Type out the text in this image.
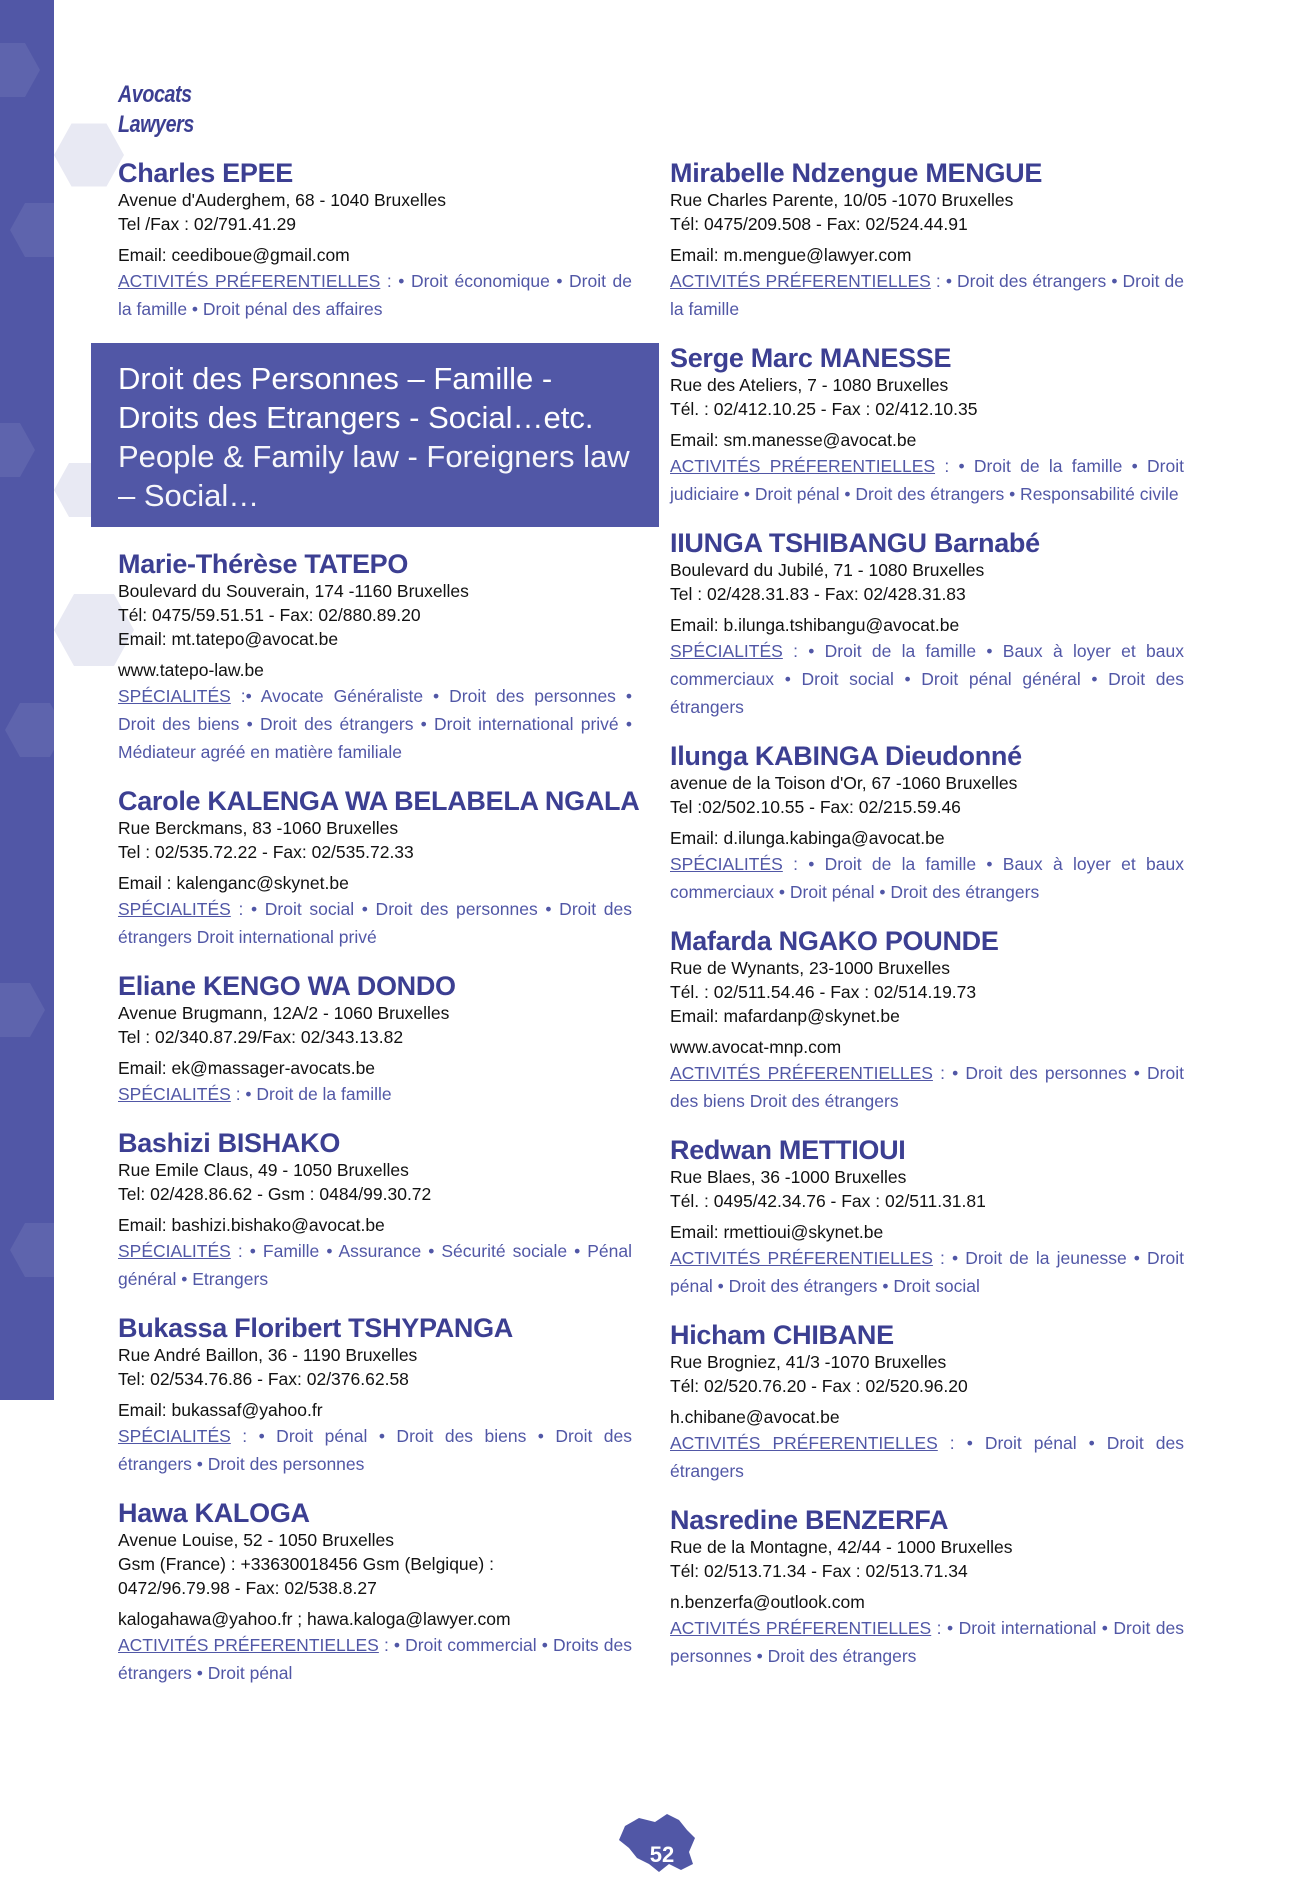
Avocats
Lawyers
Charles EPEE
Avenue d'Auderghem, 68 - 1040 Bruxelles
Tel /Fax : 02/791.41.29
Email: ceediboue@gmail.com
ACTIVITÉS PRÉFERENTIELLES : • Droit économique • Droit de la famille • Droit pénal des affaires
Droit des Personnes – Famille - Droits des Etrangers - Social…etc.
People & Family law - Foreigners law – Social…
Marie-Thérèse TATEPO
Boulevard du Souverain, 174 -1160 Bruxelles
Tél: 0475/59.51.51 - Fax: 02/880.89.20
Email: mt.tatepo@avocat.be
www.tatepo-law.be
SPÉCIALITÉS :• Avocate Généraliste • Droit des personnes • Droit des biens • Droit des étrangers • Droit international privé • Médiateur agréé en matière familiale
Carole KALENGA WA BELABELA NGALA
Rue Berckmans, 83 -1060 Bruxelles
Tel : 02/535.72.22 - Fax: 02/535.72.33
Email : kalenganc@skynet.be
SPÉCIALITÉS : • Droit social • Droit des personnes • Droit des étrangers Droit international privé
Eliane KENGO WA DONDO
Avenue Brugmann, 12A/2 - 1060 Bruxelles
Tel : 02/340.87.29/Fax: 02/343.13.82
Email: ek@massager-avocats.be
SPÉCIALITÉS : • Droit de la famille
Bashizi BISHAKO
Rue Emile Claus, 49 - 1050 Bruxelles
Tel: 02/428.86.62 - Gsm : 0484/99.30.72
Email: bashizi.bishako@avocat.be
SPÉCIALITÉS : • Famille • Assurance • Sécurité sociale • Pénal général • Etrangers
Bukassa Floribert TSHYPANGA
Rue André Baillon, 36 - 1190 Bruxelles
Tel: 02/534.76.86 - Fax: 02/376.62.58
Email: bukassaf@yahoo.fr
SPÉCIALITÉS : • Droit pénal • Droit des biens • Droit des étrangers • Droit des personnes
Hawa KALOGA
Avenue Louise, 52 - 1050 Bruxelles
Gsm (France) : +33630018456 Gsm (Belgique) :
0472/96.79.98 - Fax: 02/538.8.27
kalogahawa@yahoo.fr ; hawa.kaloga@lawyer.com
ACTIVITÉS PRÉFERENTIELLES : • Droit commercial • Droits des étrangers • Droit pénal
Mirabelle Ndzengue MENGUE
Rue Charles Parente, 10/05 -1070 Bruxelles
Tél: 0475/209.508 - Fax: 02/524.44.91
Email: m.mengue@lawyer.com
ACTIVITÉS PRÉFERENTIELLES : • Droit des étrangers • Droit de la famille
Serge Marc MANESSE
Rue des Ateliers, 7 - 1080 Bruxelles
Tél. : 02/412.10.25 - Fax : 02/412.10.35
Email: sm.manesse@avocat.be
ACTIVITÉS PRÉFERENTIELLES : • Droit de la famille • Droit judiciaire • Droit pénal • Droit des étrangers • Responsabilité civile
IIUNGA TSHIBANGU Barnabé
Boulevard du Jubilé, 71 - 1080 Bruxelles
Tel : 02/428.31.83 - Fax: 02/428.31.83
Email: b.ilunga.tshibangu@avocat.be
SPÉCIALITÉS : • Droit de la famille • Baux à loyer et baux commerciaux • Droit social • Droit pénal général • Droit des étrangers
Ilunga KABINGA Dieudonné
avenue de la Toison d'Or, 67 -1060 Bruxelles
Tel :02/502.10.55 - Fax: 02/215.59.46
Email: d.ilunga.kabinga@avocat.be
SPÉCIALITÉS : • Droit de la famille • Baux à loyer et baux commerciaux • Droit pénal • Droit des étrangers
Mafarda NGAKO POUNDE
Rue de Wynants, 23-1000 Bruxelles
Tél. : 02/511.54.46 - Fax : 02/514.19.73
Email: mafardanp@skynet.be
www.avocat-mnp.com
ACTIVITÉS PRÉFERENTIELLES : • Droit des personnes • Droit des biens Droit des étrangers
Redwan METTIOUI
Rue Blaes, 36 -1000 Bruxelles
Tél. : 0495/42.34.76 - Fax : 02/511.31.81
Email: rmettioui@skynet.be
ACTIVITÉS PRÉFERENTIELLES : • Droit de la jeunesse • Droit pénal • Droit des étrangers • Droit social
Hicham CHIBANE
Rue Brogniez, 41/3 -1070 Bruxelles
Tél: 02/520.76.20 - Fax : 02/520.96.20
h.chibane@avocat.be
ACTIVITÉS PRÉFERENTIELLES : • Droit pénal • Droit des étrangers
Nasredine BENZERFA
Rue de la Montagne, 42/44 - 1000 Bruxelles
Tél: 02/513.71.34 - Fax : 02/513.71.34
n.benzerfa@outlook.com
ACTIVITÉS PRÉFERENTIELLES : • Droit international • Droit des personnes • Droit des étrangers
52
